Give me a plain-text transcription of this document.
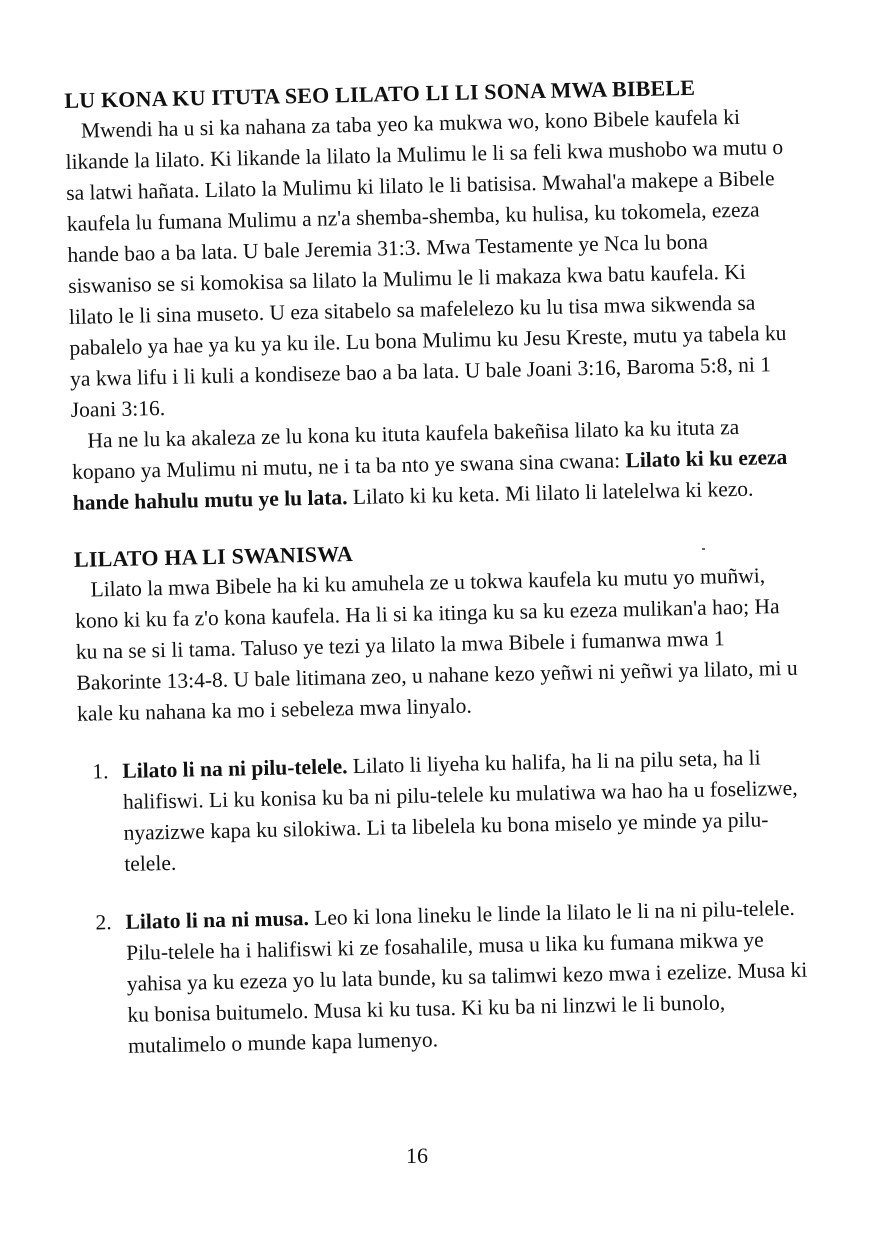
LU KONA KU ITUTA SEO LILATO LI LI SONA MWA BIBELE

Mwendi ha u si ka nahana za taba yeo ka mukwa wo, kono Bibele kaufela ki likande la lilato. Ki likande la lilato la Mulimu le li sa feli kwa mushobo wa mutu o sa latwi hañata. Lilato la Mulimu ki lilato le li batisisa. Mwahal'a makepe a Bibele kaufela lu fumana Mulimu a nz'a shemba-shemba, ku hulisa, ku tokomela, ezeza hande bao a ba lata. U bale Jeremia 31:3. Mwa Testamente ye Nca lu bona siswaniso se si komokisa sa lilato la Mulimu le li makaza kwa batu kaufela. Ki lilato le li sina museto. U eza sitabelo sa mafelelezo ku lu tisa mwa sikwenda sa pabalelo ya hae ya ku ya ku ile. Lu bona Mulimu ku Jesu Kreste, mutu ya tabela ku ya kwa lifu i li kuli a kondiseze bao a ba lata. U bale Joani 3:16, Baroma 5:8, ni 1 Joani 3:16.

Ha ne lu ka akaleza ze lu kona ku ituta kaufela bakeñisa lilato ka ku ituta za kopano ya Mulimu ni mutu, ne i ta ba nto ye swana sina cwana: Lilato ki ku ezeza hande hahulu mutu ye lu lata. Lilato ki ku keta. Mi lilato li latelelwa ki kezo.

LILATO HA LI SWANISWA

Lilato la mwa Bibele ha ki ku amuhela ze u tokwa kaufela ku mutu yo muñwi, kono ki ku fa z'o kona kaufela. Ha li si ka itinga ku sa ku ezeza mulikan'a hao; Ha ku na se si li tama. Taluso ye tezi ya lilato la mwa Bibele i fumanwa mwa 1 Bakorinte 13:4-8. U bale litimana zeo, u nahane kezo yeñwi ni yeñwi ya lilato, mi u kale ku nahana ka mo i sebeleza mwa linyalo.

1. Lilato li na ni pilu-telele. Lilato li liyeha ku halifa, ha li na pilu seta, ha li halifiswi. Li ku konisa ku ba ni pilu-telele ku mulatiwa wa hao ha u foselizwe, nyazizwe kapa ku silokiwa. Li ta libelela ku bona miselo ye minde ya pilu-telele.
2. Lilato li na ni musa. Leo ki lona lineku le linde la lilato le li na ni pilu-telele. Pilu-telele ha i halifiswi ki ze fosahalile, musa u lika ku fumana mikwa ye yahisa ya ku ezeza yo lu lata bunde, ku sa talimwi kezo mwa i ezelize. Musa ki ku bonisa buitumelo. Musa ki ku tusa. Ki ku ba ni linzwi le li bunolo, mutalimelo o munde kapa lumenyo.
16
